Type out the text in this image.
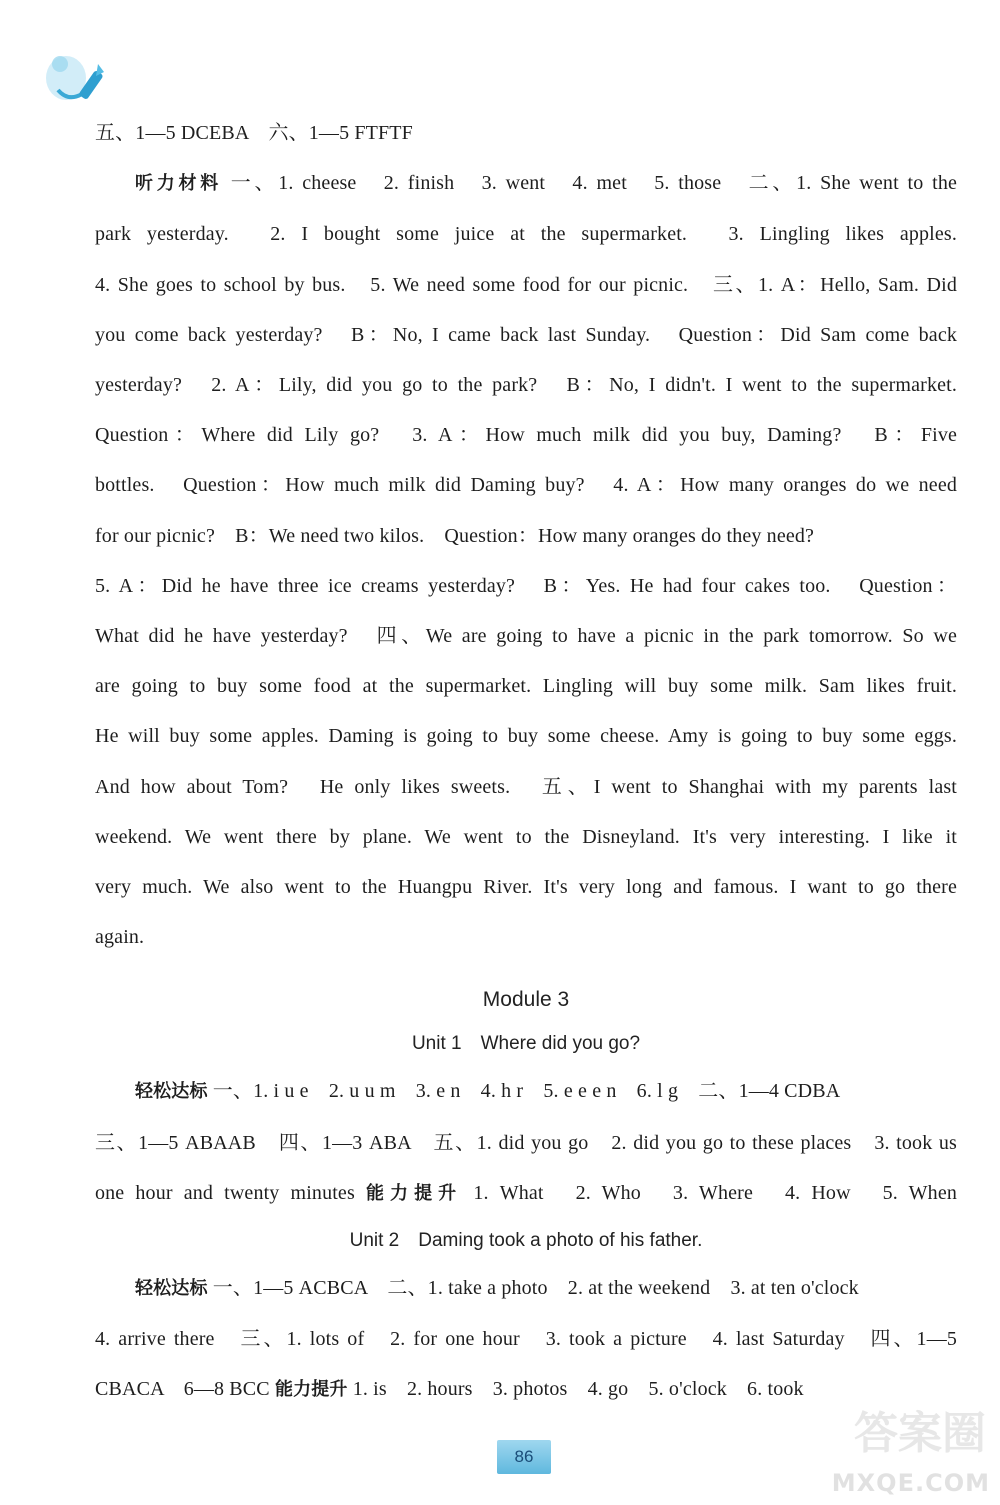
五、1—5 DCEBA　六、1—5 FTFTF
听力材料 一、1. cheese　2. finish　3. went　4. met　5. those　二、1. She went to the
park yesterday.　2. I bought some juice at the supermarket.　3. Lingling likes apples.
4. She goes to school by bus.　5. We need some food for our picnic.　三、1. A：Hello, Sam. Did
you come back yesterday?　B：No, I came back last Sunday.　Question：Did Sam come back
yesterday?　2. A：Lily, did you go to the park?　B：No, I didn't. I went to the supermarket.
Question：Where did Lily go?　3. A：How much milk did you buy, Daming?　B：Five
bottles.　Question：How much milk did Daming buy?　4. A：How many oranges do we need
for our picnic?　B：We need two kilos.　Question：How many oranges do they need?
5. A：Did he have three ice creams yesterday?　B：Yes. He had four cakes too.　Question：
What did he have yesterday?　四、We are going to have a picnic in the park tomorrow. So we
are going to buy some food at the supermarket. Lingling will buy some milk. Sam likes fruit.
He will buy some apples. Daming is going to buy some cheese. Amy is going to buy some eggs.
And how about Tom?　He only likes sweets.　五、I went to Shanghai with my parents last
weekend. We went there by plane. We went to the Disneyland. It's very interesting. I like it
very much. We also went to the Huangpu River. It's very long and famous. I want to go there
again.
Module 3
Unit 1　Where did you go?
轻松达标 一、1. i u e　2. u u m　3. e n　4. h r　5. e e e n　6. l g　二、1—4 CDBA
三、1—5 ABAAB　四、1—3 ABA　五、1. did you go　2. did you go to these places　3. took us
one hour and twenty minutes 能力提升 1. What　2. Who　3. Where　4. How　5. When
Unit 2　Daming took a photo of his father.
轻松达标 一、1—5 ACBCA　二、1. take a photo　2. at the weekend　3. at ten o'clock
4. arrive there　三、1. lots of　2. for one hour　3. took a picture　4. last Saturday　四、1—5
CBACA　6—8 BCC 能力提升 1. is　2. hours　3. photos　4. go　5. o'clock　6. took
86	答案圈
MXQE.COM
